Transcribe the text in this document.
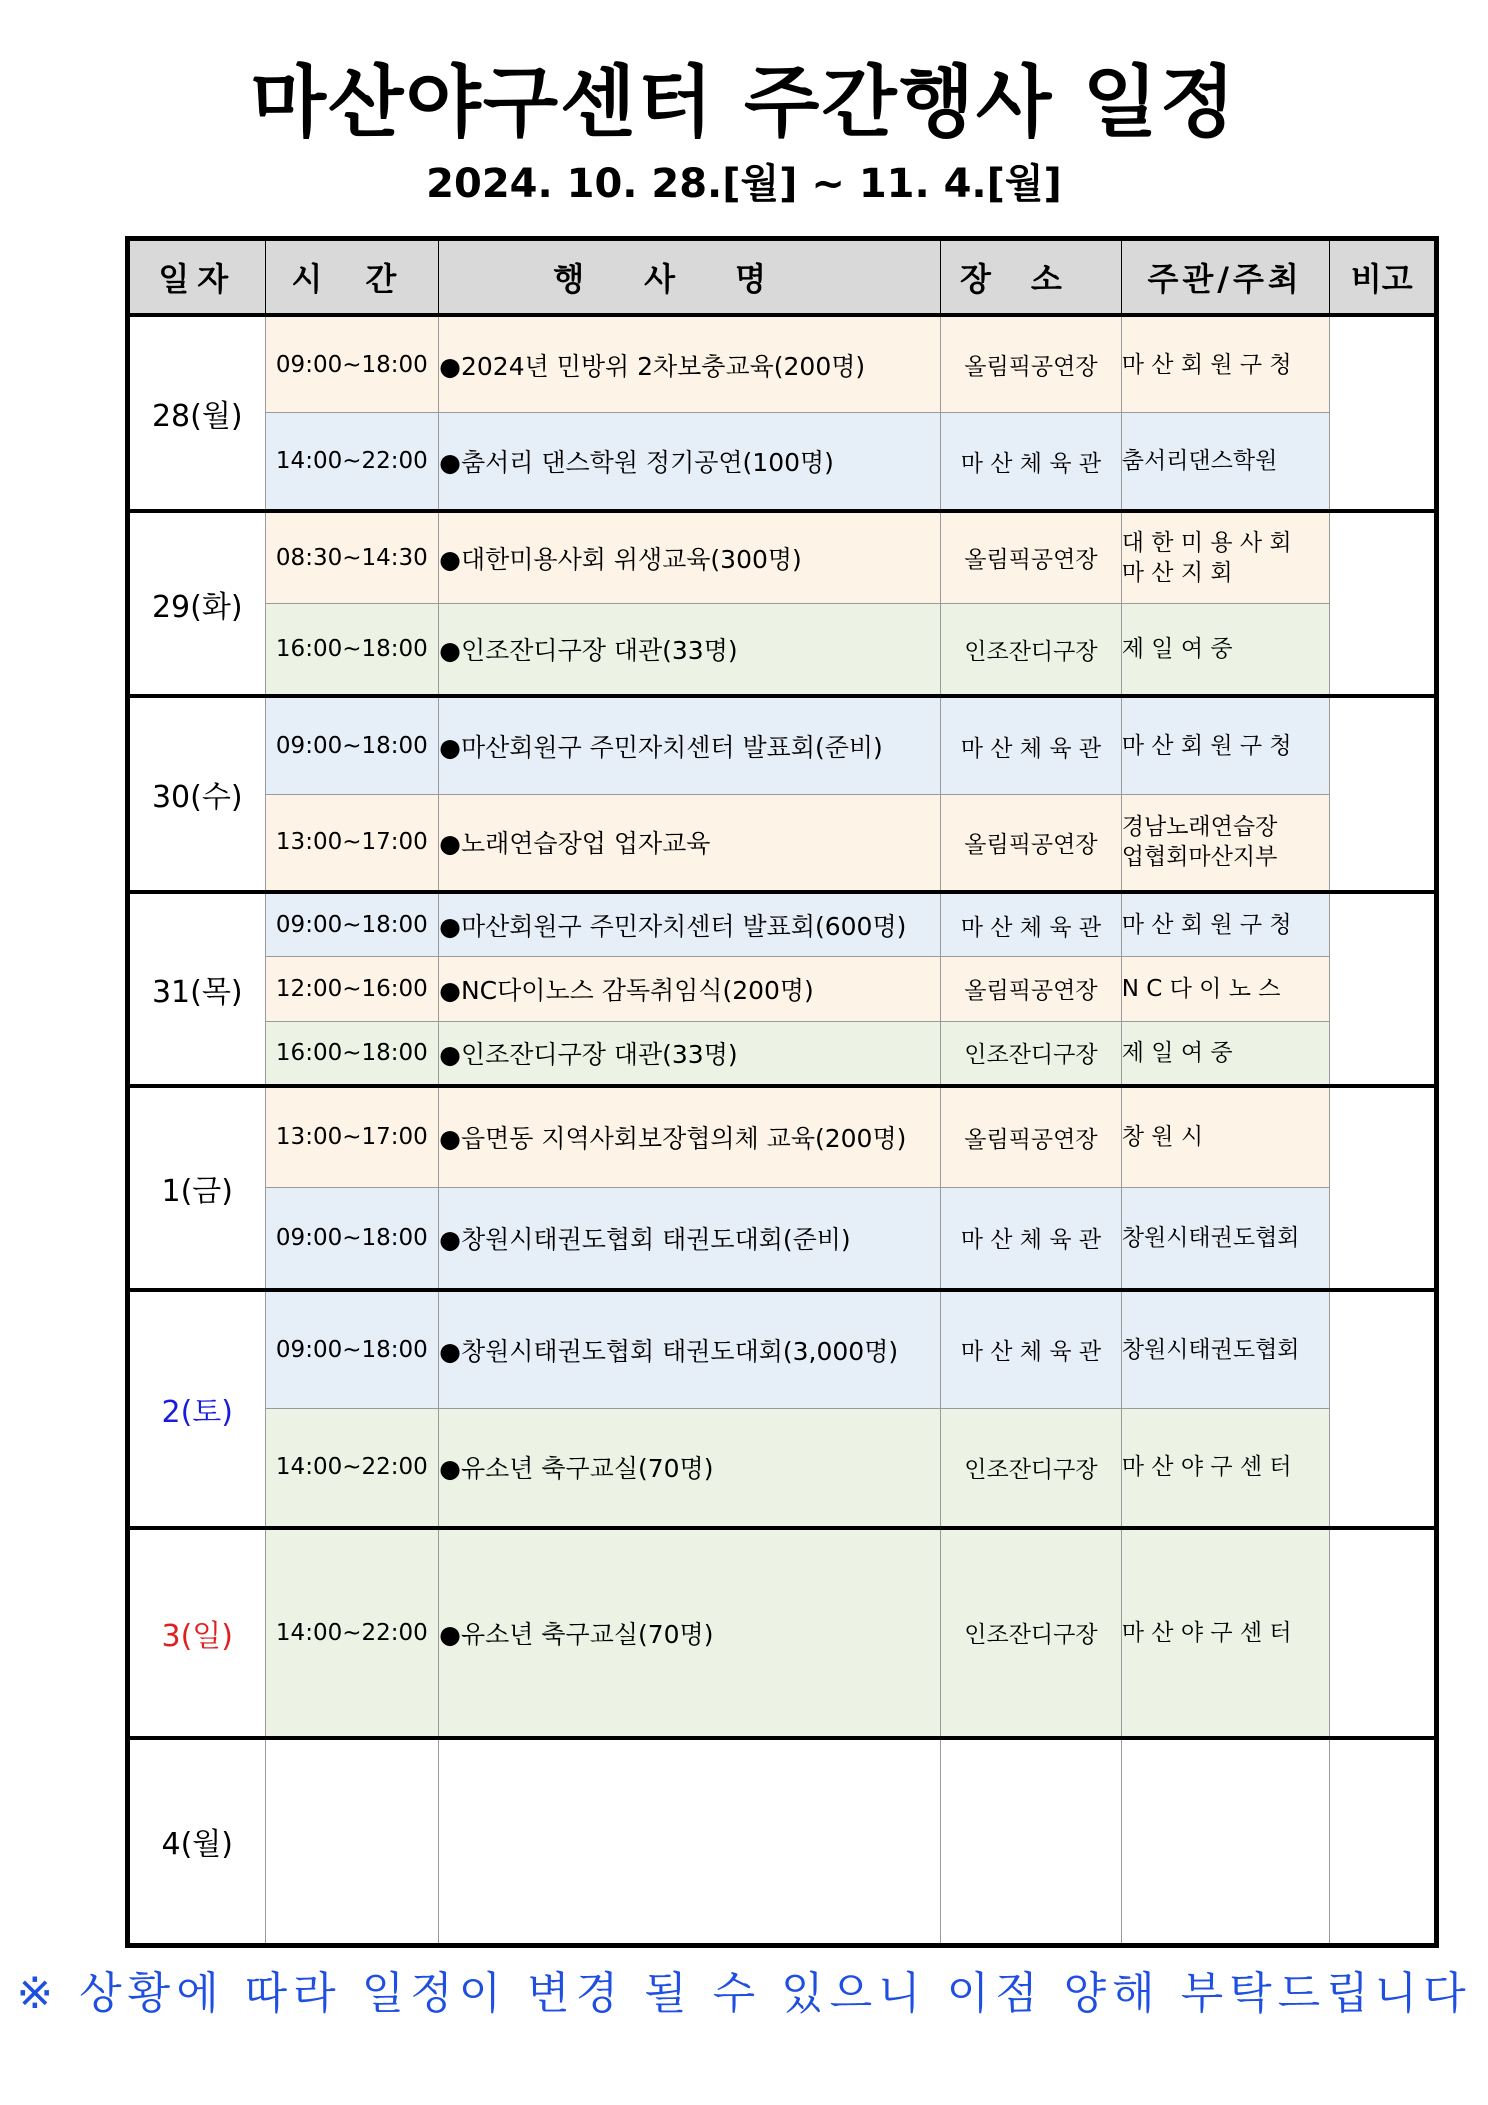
마산야구센터 주간행사 일정
2024. 10. 28.[월] ~ 11. 4.[월]
일자	시 간	행사명	장소	주관/주최	비고
28(월)	09:00~18:00	●2024년 민방위 2차보충교육(200명)	올림픽공연장	마 산 회 원 구 청	
	14:00~22:00	●춤서리 댄스학원 정기공연(100명)	마 산 체 육 관	춤서리댄스학원	
29(화)	08:30~14:30	●대한미용사회 위생교육(300명)	올림픽공연장	대 한 미 용 사 회
마 산 지 회	
	16:00~18:00	●인조잔디구장 대관(33명)	인조잔디구장	제 일 여 중	
30(수)	09:00~18:00	●마산회원구 주민자치센터 발표회(준비)	마 산 체 육 관	마 산 회 원 구 청	
	13:00~17:00	●노래연습장업 업자교육	올림픽공연장	경남노래연습장
업협회마산지부	
31(목)	09:00~18:00	●마산회원구 주민자치센터 발표회(600명)	마 산 체 육 관	마 산 회 원 구 청	
	12:00~16:00	●NC다이노스 감독취임식(200명)	올림픽공연장	N C 다 이 노 스	
	16:00~18:00	●인조잔디구장 대관(33명)	인조잔디구장	제 일 여 중	
1(금)	13:00~17:00	●읍면동 지역사회보장협의체 교육(200명)	올림픽공연장	창 원 시	
	09:00~18:00	●창원시태권도협회 태권도대회(준비)	마 산 체 육 관	창원시태권도협회	
2(토)	09:00~18:00	●창원시태권도협회 태권도대회(3,000명)	마 산 체 육 관	창원시태권도협회	
	14:00~22:00	●유소년 축구교실(70명)	인조잔디구장	마 산 야 구 센 터	
3(일)	14:00~22:00	●유소년 축구교실(70명)	인조잔디구장	마 산 야 구 센 터	
4(월)					
※ 상황에 따라 일정이 변경 될 수 있으니 이점 양해 부탁드립니다
